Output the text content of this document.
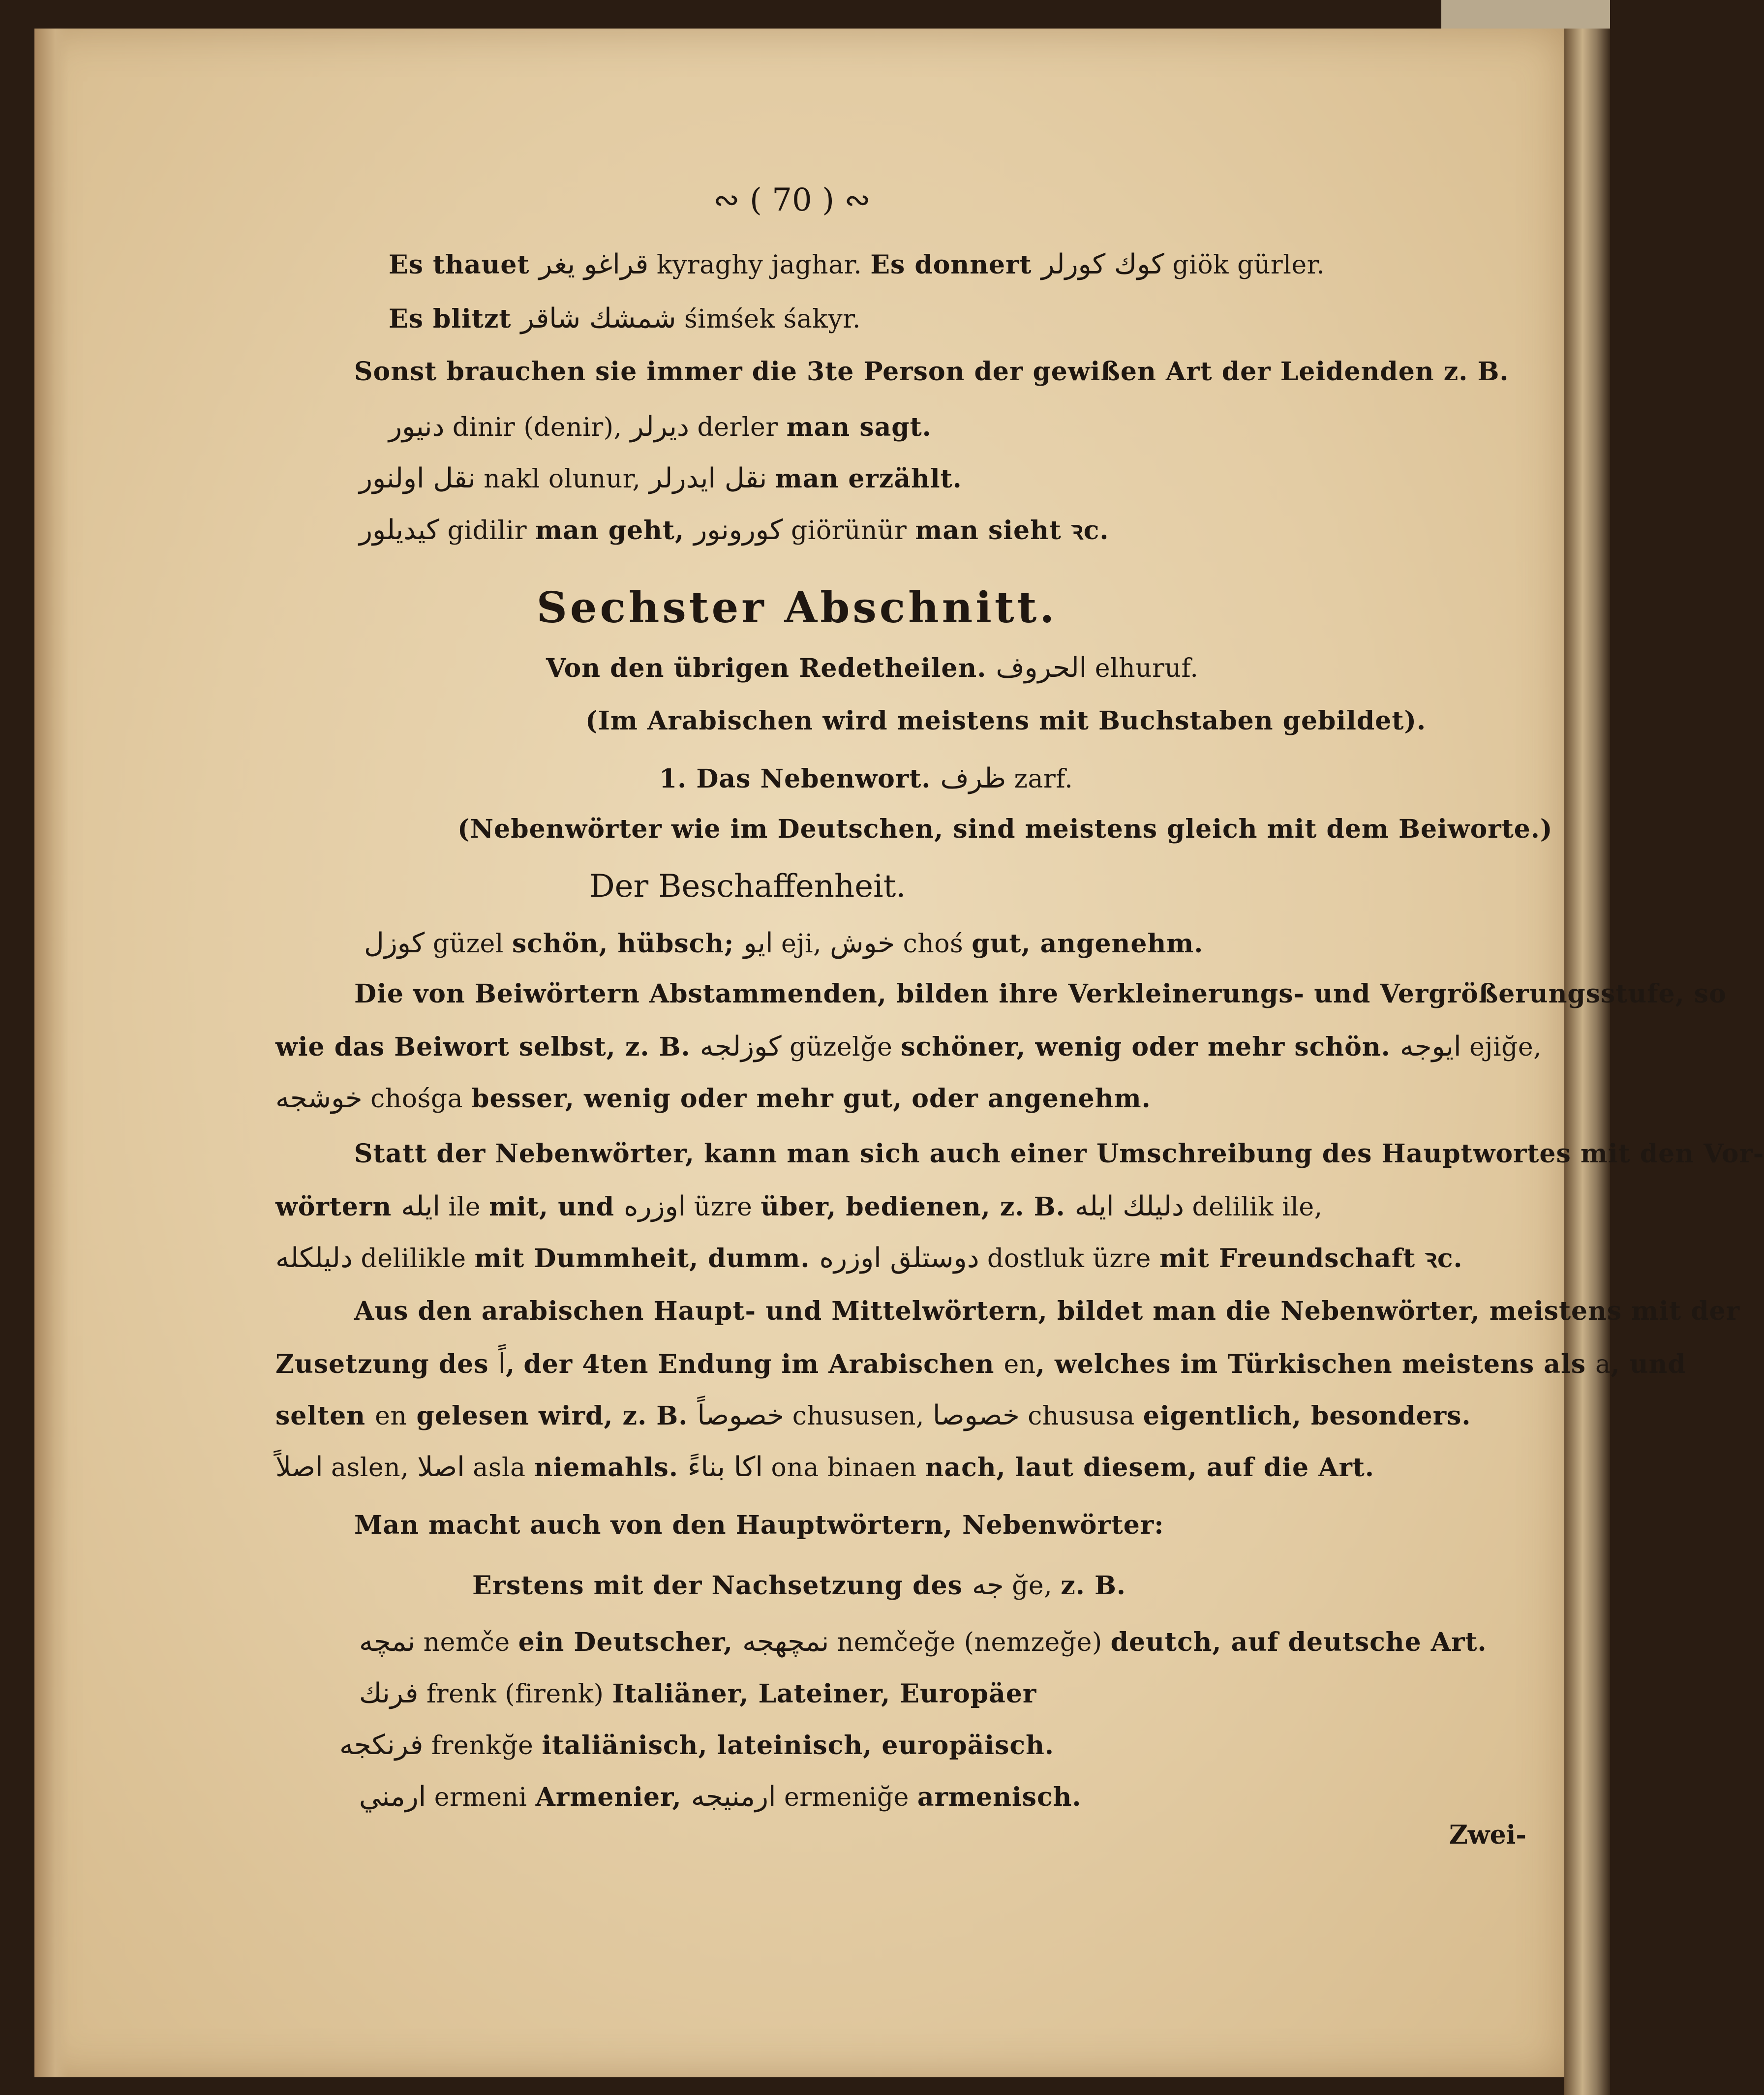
∾ ( 70 ) ∾
Sechster Abschnitt.
Der Beschaffenheit.
Es thauet قراغو يغر kyraghy jaghar. Es donnert كوك كورلر giök gürler.
Es blitzt شمشك شاقر śimśek śakyr.
Sonst brauchen sie immer die 3te Person der gewißen Art der Leidenden z. B.
دنيور dinir (denir), ديرلر derler man sagt.
نقل اولنور nakl olunur, نقل ايدرلر man erzählt.
كيديلور gidilir man geht, كورونور giörünür man sieht ꝛc.
Von den übrigen Redetheilen. الحروف elhuruf.
(Im Arabischen wird meistens mit Buchstaben gebildet).
1. Das Nebenwort. ظرف zarf.
(Nebenwörter wie im Deutschen, sind meistens gleich mit dem Beiworte.)
كوزل güzel schön, hübsch; ايو eji, خوش choś gut, angenehm.
Die von Beiwörtern Abstammenden, bilden ihre Verkleinerungs- und Vergrößerungsstufe, so
wie das Beiwort selbst, z. B. كوزلجه güzelğe schöner, wenig oder mehr schön. ايوجه ejiğe,
خوشجه chośga besser, wenig oder mehr gut, oder angenehm.
Statt der Nebenwörter, kann man sich auch einer Umschreibung des Hauptwortes mit den Vor-
wörtern ايله ile mit, und اوزره üzre über, bedienen, z. B. دليلك ايله delilik ile,
دليلكله delilikle mit Dummheit, dumm. دوستلق اوزره dostluk üzre mit Freundschaft ꝛc.
Aus den arabischen Haupt- und Mittelwörtern, bildet man die Nebenwörter, meistens mit der
Zusetzung des اً, der 4ten Endung im Arabischen en, welches im Türkischen meistens als a, und
selten en gelesen wird, z. B. خصوصاً chususen, خصوصا chususa eigentlich, besonders.
اصلاً aslen, اصلا asla niemahls. اكا بناءً ona binaen nach, laut diesem, auf die Art.
Man macht auch von den Hauptwörtern, Nebenwörter:
Erstens mit der Nachsetzung des جه ğe, z. B.
نمچه nemče ein Deutscher, نمچهجه nemčeğe (nemzeğe) deutch, auf deutsche Art.
فرنك frenk (firenk) Italiäner, Lateiner, Europäer
فرنكجه frenkğe italiänisch, lateinisch, europäisch.
ارمني ermeni Armenier, ارمنيجه ermeniğe armenisch.
Zwei-
